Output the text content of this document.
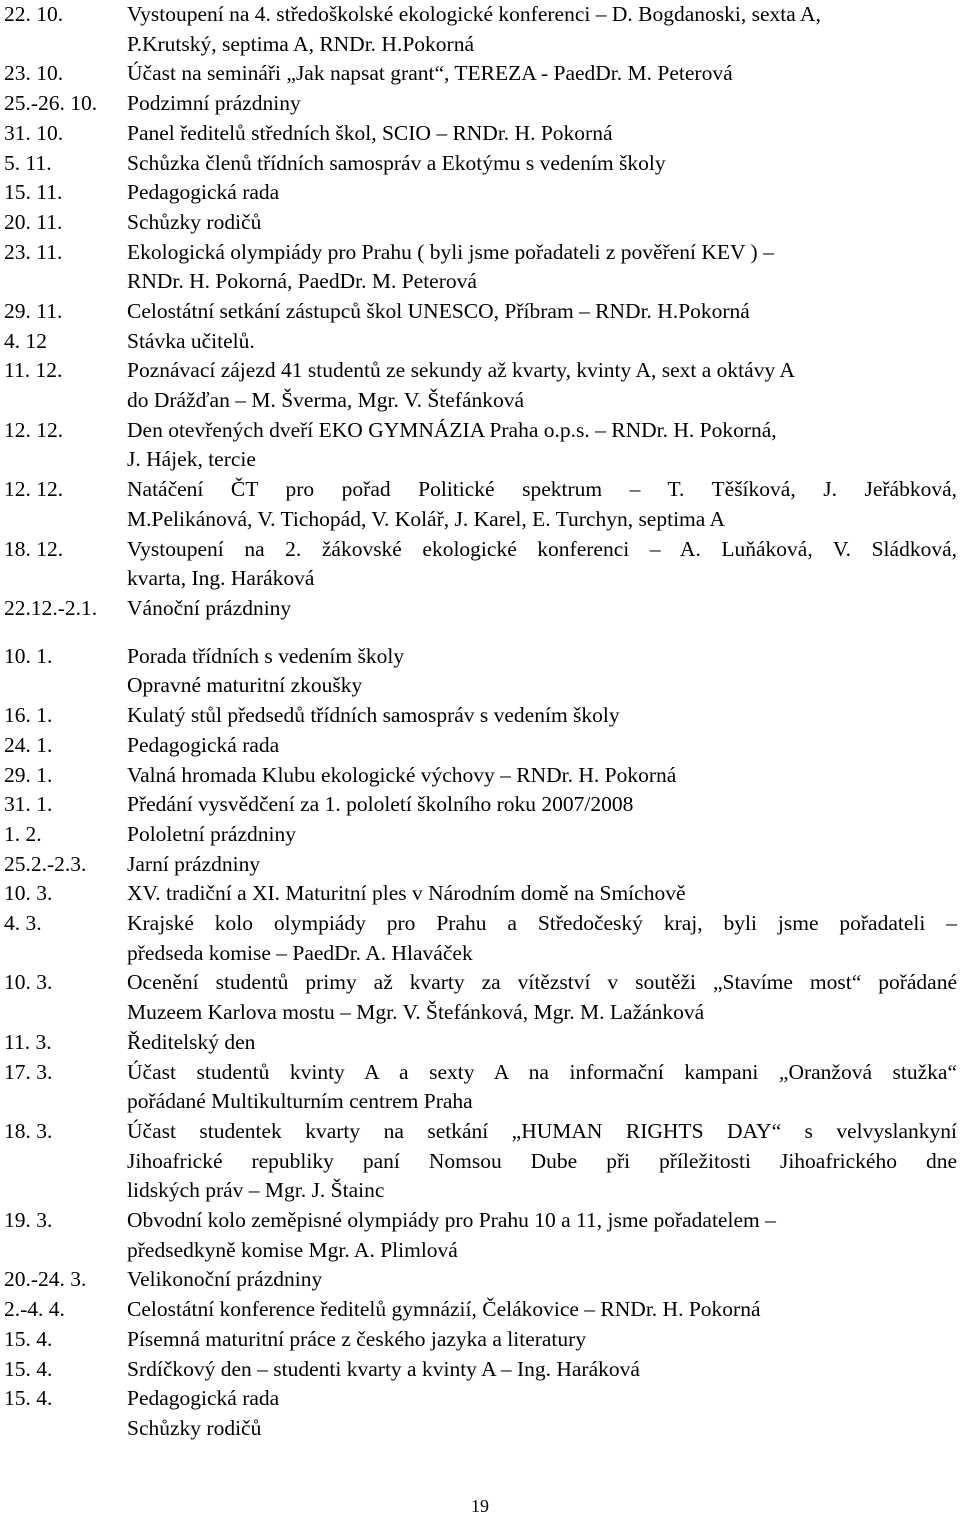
22. 10.	Vystoupení na 4. středoškolské ekologické konferenci – D. Bogdanoski, sexta A,
P.Krutský, septima A, RNDr. H.Pokorná
23. 10.	Účast na semináři „Jak napsat grant“, TEREZA - PaedDr. M. Peterová
25.-26. 10. Podzimní prázdniny
31. 10.	Panel ředitelů středních škol, SCIO – RNDr. H. Pokorná
5. 11.	Schůzka členů třídních samospráv a Ekotýmu s vedením školy
15. 11.	Pedagogická rada
20. 11.	Schůzky rodičů
23. 11.	Ekologická olympiády pro Prahu ( byli jsme pořadateli z pověření KEV ) –
RNDr. H. Pokorná, PaedDr. M. Peterová
29. 11.	Celostátní setkání zástupců škol UNESCO, Příbram – RNDr. H.Pokorná
4. 12	Stávka učitelů.
11. 12.	Poznávací zájezd 41 studentů ze sekundy až kvarty, kvinty A, sext a oktávy A
do Drážďan – M. Šverma, Mgr. V. Štefánková
12. 12.	Den otevřených dveří EKO GYMNÁZIA Praha o.p.s. – RNDr. H. Pokorná,
J. Hájek, tercie
12. 12.	Natáčení ČT pro pořad Politické spektrum – T. Těšíková, J. Jeřábková,
M.Pelikánová, V. Tichopád, V. Kolář, J. Karel, E. Turchyn, septima A
18. 12.	Vystoupení na 2. žákovské ekologické konferenci – A. Luňáková, V. Sládková,
kvarta, Ing. Haráková
22.12.-2.1. Vánoční prázdniny
10. 1.	Porada třídních s vedením školy
Opravné maturitní zkoušky
16. 1.	Kulatý stůl předsedů třídních samospráv s vedením školy
24. 1.	Pedagogická rada
29. 1.	Valná hromada Klubu ekologické výchovy – RNDr. H. Pokorná
31. 1.	Předání vysvědčení za 1. pololetí školního roku 2007/2008
1. 2.	Pololetní prázdniny
25.2.-2.3. Jarní prázdniny
10. 3.	XV. tradiční a XI. Maturitní ples v Národním domě na Smíchově
4. 3.	Krajské kolo olympiády pro Prahu a Středočeský kraj, byli jsme pořadateli –
předseda komise – PaedDr. A. Hlaváček
10. 3.	Ocenění studentů primy až kvarty za vítězství v soutěži „Stavíme most“ pořádané
Muzeem Karlova mostu – Mgr. V. Štefánková, Mgr. M. Lažánková
11. 3.	Ředitelský den
17. 3.	Účast studentů kvinty A a sexty A na informační kampani „Oranžová stužka“
pořádané Multikulturním centrem Praha
18. 3.	Účast studentek kvarty na setkání „HUMAN RIGHTS DAY“ s velvyslankyní
Jihoafrické republiky paní Nomsou Dube při příležitosti Jihoafrického dne
lidských práv – Mgr. J. Štainc
19. 3.	Obvodní kolo zeměpisné olympiády pro Prahu 10 a 11, jsme pořadatelem –
předsedkyně komise Mgr. A. Plimlová
20.-24. 3. Velikonoční prázdniny
2.-4. 4.	Celostátní konference ředitelů gymnázií, Čelákovice – RNDr. H. Pokorná
15. 4.	Písemná maturitní práce z českého jazyka a literatury
15. 4.	Srdíčkový den – studenti kvarty a kvinty A – Ing. Haráková
15. 4.	Pedagogická rada
Schůzky rodičů
19
